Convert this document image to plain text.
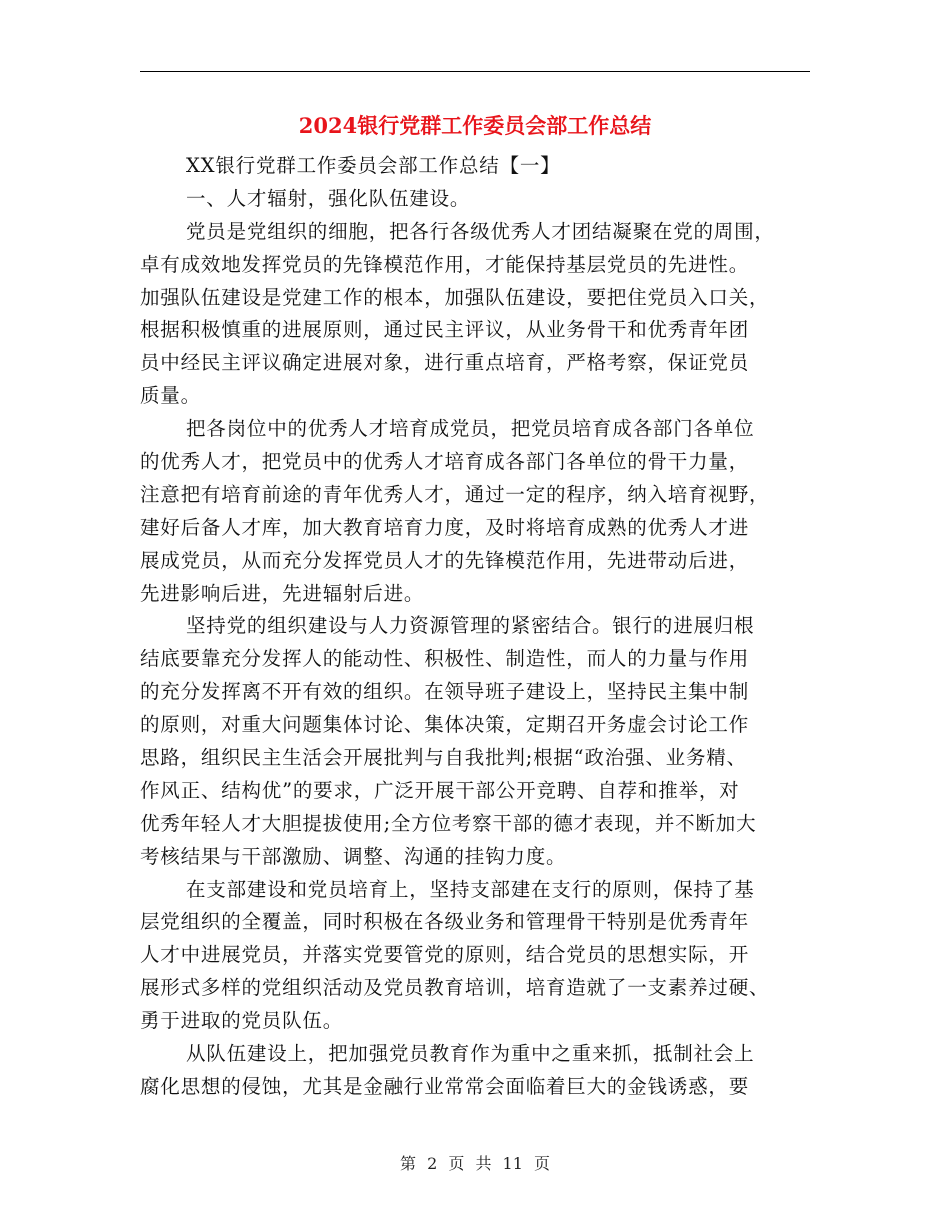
2024银行党群工作委员会部工作总结
XX银行党群工作委员会部工作总结【一】
一、人才辐射，强化队伍建设。
党员是党组织的细胞，把各行各级优秀人才团结凝聚在党的周围，
卓有成效地发挥党员的先锋模范作用，才能保持基层党员的先进性。
加强队伍建设是党建工作的根本，加强队伍建设，要把住党员入口关，
根据积极慎重的进展原则，通过民主评议，从业务骨干和优秀青年团
员中经民主评议确定进展对象，进行重点培育，严格考察，保证党员
质量。
把各岗位中的优秀人才培育成党员，把党员培育成各部门各单位
的优秀人才，把党员中的优秀人才培育成各部门各单位的骨干力量，
注意把有培育前途的青年优秀人才，通过一定的程序，纳入培育视野，
建好后备人才库，加大教育培育力度，及时将培育成熟的优秀人才进
展成党员，从而充分发挥党员人才的先锋模范作用，先进带动后进，
先进影响后进，先进辐射后进。
坚持党的组织建设与人力资源管理的紧密结合。银行的进展归根
结底要靠充分发挥人的能动性、积极性、制造性，而人的力量与作用
的充分发挥离不开有效的组织。在领导班子建设上，坚持民主集中制
的原则，对重大问题集体讨论、集体决策，定期召开务虚会讨论工作
思路，组织民主生活会开展批判与自我批判;根据“政治强、业务精、
作风正、结构优”的要求，广泛开展干部公开竞聘、自荐和推举，对
优秀年轻人才大胆提拔使用;全方位考察干部的德才表现，并不断加大
考核结果与干部激励、调整、沟通的挂钩力度。
在支部建设和党员培育上，坚持支部建在支行的原则，保持了基
层党组织的全覆盖，同时积极在各级业务和管理骨干特别是优秀青年
人才中进展党员，并落实党要管党的原则，结合党员的思想实际，开
展形式多样的党组织活动及党员教育培训，培育造就了一支素养过硬、
勇于进取的党员队伍。
从队伍建设上，把加强党员教育作为重中之重来抓，抵制社会上
腐化思想的侵蚀，尤其是金融行业常常会面临着巨大的金钱诱惑，要
第 2 页 共 11 页
